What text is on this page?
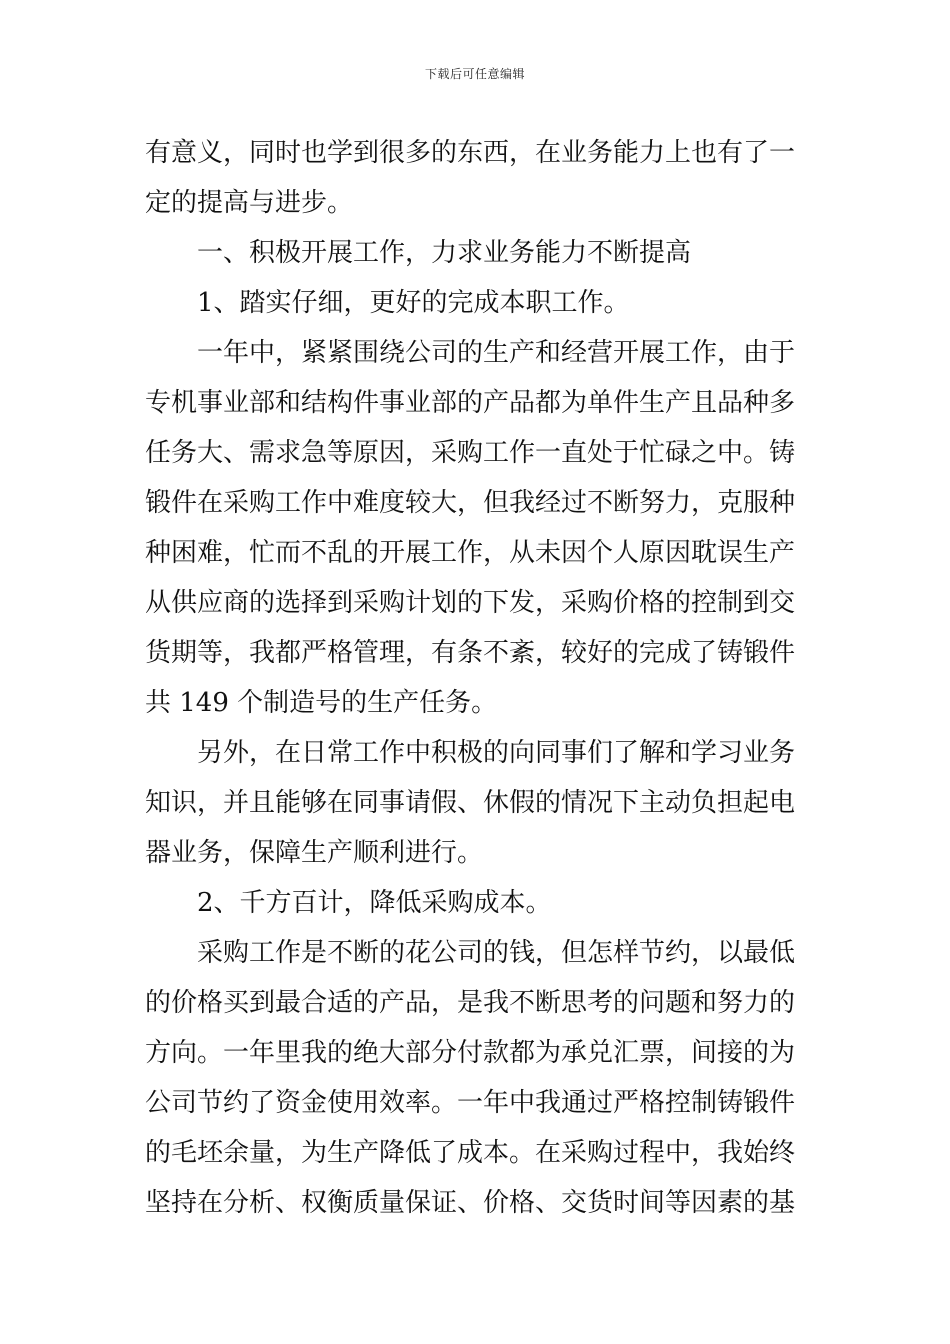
下载后可任意编辑
有意义，同时也学到很多的东西，在业务能力上也有了一
定的提高与进步。
一、积极开展工作，力求业务能力不断提高
1、踏实仔细，更好的完成本职工作。
一年中，紧紧围绕公司的生产和经营开展工作，由于
专机事业部和结构件事业部的产品都为单件生产且品种多
任务大、需求急等原因，采购工作一直处于忙碌之中。铸
锻件在采购工作中难度较大，但我经过不断努力，克服种
种困难，忙而不乱的开展工作，从未因个人原因耽误生产
从供应商的选择到采购计划的下发，采购价格的控制到交
货期等，我都严格管理，有条不紊，较好的完成了铸锻件
共 149 个制造号的生产任务。
另外，在日常工作中积极的向同事们了解和学习业务
知识，并且能够在同事请假、休假的情况下主动负担起电
器业务，保障生产顺利进行。
2、千方百计，降低采购成本。
采购工作是不断的花公司的钱，但怎样节约，以最低
的价格买到最合适的产品，是我不断思考的问题和努力的
方向。一年里我的绝大部分付款都为承兑汇票，间接的为
公司节约了资金使用效率。一年中我通过严格控制铸锻件
的毛坯余量，为生产降低了成本。在采购过程中，我始终
坚持在分析、权衡质量保证、价格、交货时间等因素的基
